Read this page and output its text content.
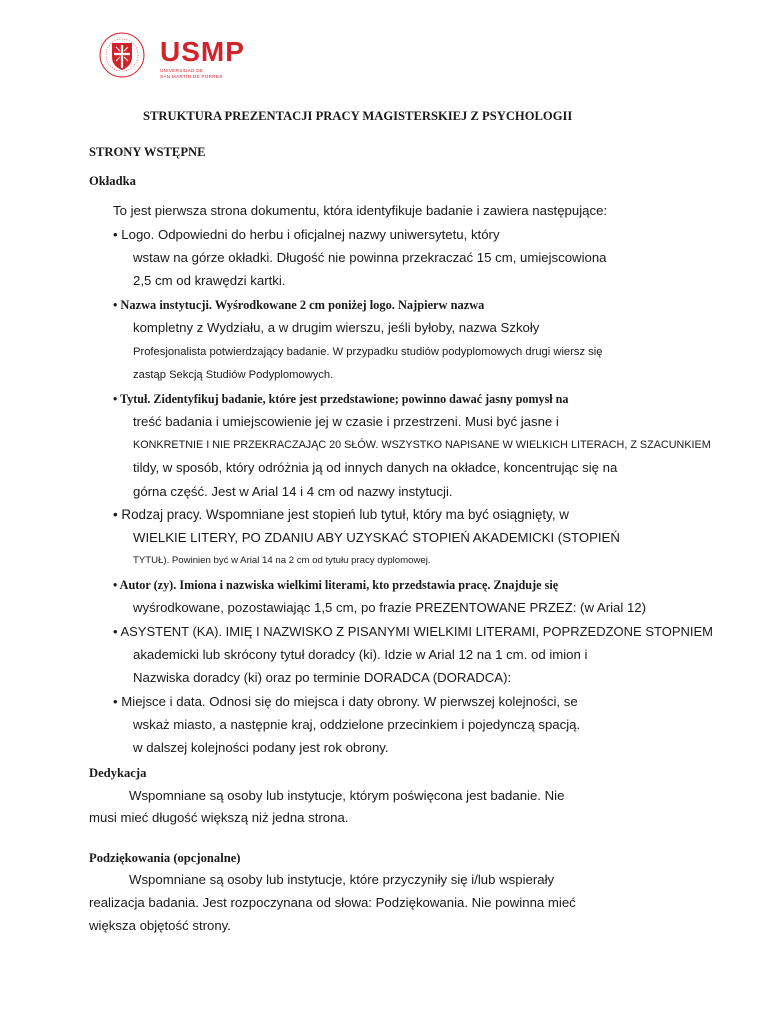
USMP
UNIVERSIDAD DE
SAN MARTÍN DE PORRES
STRUKTURA PREZENTACJI PRACY MAGISTERSKIEJ Z PSYCHOLOGII
STRONY WSTĘPNE
Okładka
To jest pierwsza strona dokumentu, która identyfikuje badanie i zawiera następujące:
• Logo. Odpowiedni do herbu i oficjalnej nazwy uniwersytetu, który
wstaw na górze okładki. Długość nie powinna przekraczać 15 cm, umiejscowiona
2,5 cm od krawędzi kartki.
• Nazwa instytucji. Wyśrodkowane 2 cm poniżej logo. Najpierw nazwa
kompletny z Wydziału, a w drugim wierszu, jeśli byłoby, nazwa Szkoły
Profesjonalista potwierdzający badanie. W przypadku studiów podyplomowych drugi wiersz się
zastąp Sekcją Studiów Podyplomowych.
• Tytuł. Zidentyfikuj badanie, które jest przedstawione; powinno dawać jasny pomysł na
treść badania i umiejscowienie jej w czasie i przestrzeni. Musi być jasne i
KONKRETNIE I NIE PRZEKRACZAJĄC 20 SŁÓW. WSZYSTKO NAPISANE W WIELKICH LITERACH, Z SZACUNKIEM
tildy, w sposób, który odróżnia ją od innych danych na okładce, koncentrując się na
górna część. Jest w Arial 14 i 4 cm od nazwy instytucji.
• Rodzaj pracy. Wspomniane jest stopień lub tytuł, który ma być osiągnięty, w
WIELKIE LITERY, PO ZDANIU ABY UZYSKAĆ STOPIEŃ AKADEMICKI (STOPIEŃ
TYTUŁ). Powinien być w Arial 14 na 2 cm od tytułu pracy dyplomowej.
• Autor (zy). Imiona i nazwiska wielkimi literami, kto przedstawia pracę. Znajduje się
wyśrodkowane, pozostawiając 1,5 cm, po frazie PREZENTOWANE PRZEZ: (w Arial 12)
• ASYSTENT (KA). IMIĘ I NAZWISKO Z PISANYMI WIELKIMI LITERAMI, POPRZEDZONE STOPNIEM
akademicki lub skrócony tytuł doradcy (ki). Idzie w Arial 12 na 1 cm. od imion i
Nazwiska doradcy (ki) oraz po terminie DORADCA (DORADCA):
• Miejsce i data. Odnosi się do miejsca i daty obrony. W pierwszej kolejności, se
wskaż miasto, a następnie kraj, oddzielone przecinkiem i pojedynczą spacją.
w dalszej kolejności podany jest rok obrony.
Dedykacja
Wspomniane są osoby lub instytucje, którym poświęcona jest badanie. Nie
musi mieć długość większą niż jedna strona.
Podziękowania (opcjonalne)
Wspomniane są osoby lub instytucje, które przyczyniły się i/lub wspierały
realizacja badania. Jest rozpoczynana od słowa: Podziękowania. Nie powinna mieć
większa objętość strony.
